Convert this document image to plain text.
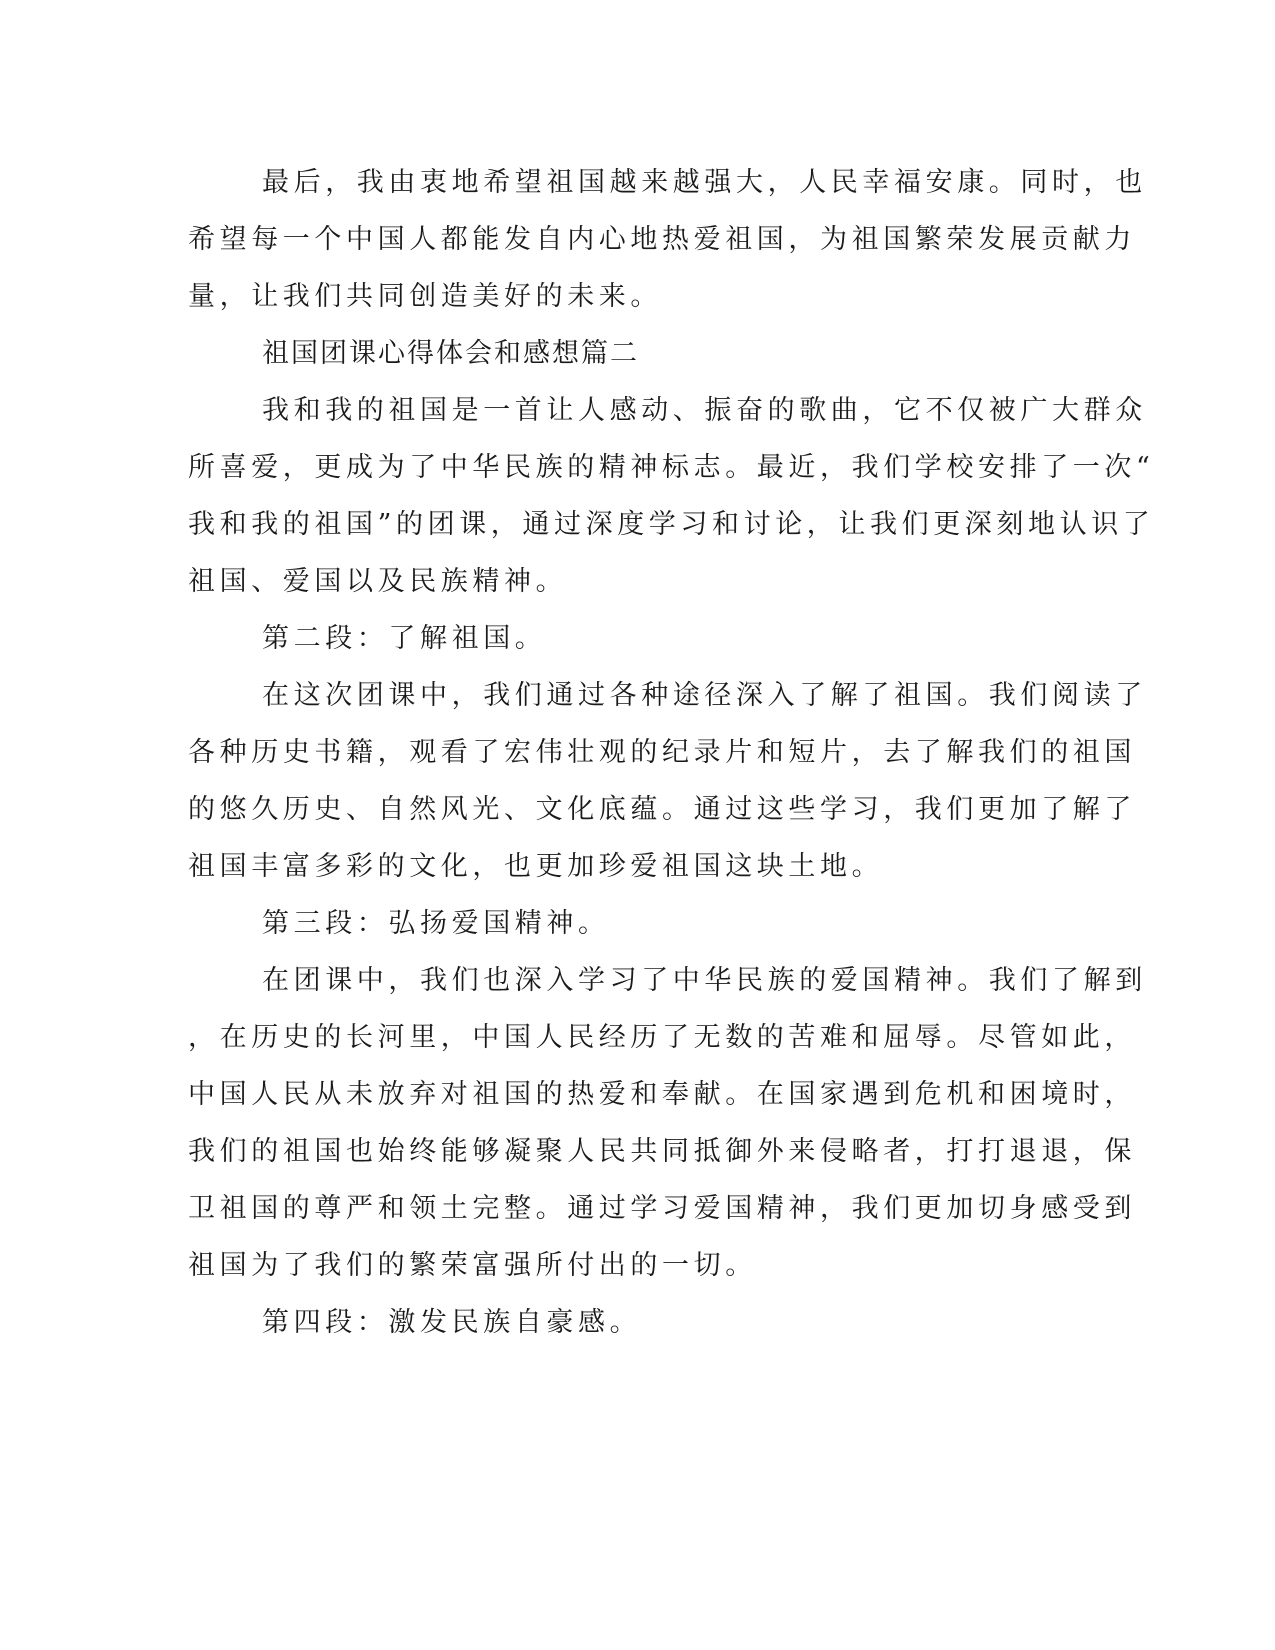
最后，我由衷地希望祖国越来越强大，人民幸福安康。同时，也

希望每一个中国人都能发自内心地热爱祖国，为祖国繁荣发展贡献力

量，让我们共同创造美好的未来。

祖国团课心得体会和感想篇二

我和我的祖国是一首让人感动、振奋的歌曲，它不仅被广大群众

所喜爱，更成为了中华民族的精神标志。最近，我们学校安排了一次“

我和我的祖国”的团课，通过深度学习和讨论，让我们更深刻地认识了

祖国、爱国以及民族精神。

第二段：了解祖国。

在这次团课中，我们通过各种途径深入了解了祖国。我们阅读了

各种历史书籍，观看了宏伟壮观的纪录片和短片，去了解我们的祖国

的悠久历史、自然风光、文化底蕴。通过这些学习，我们更加了解了

祖国丰富多彩的文化，也更加珍爱祖国这块土地。

第三段：弘扬爱国精神。

在团课中，我们也深入学习了中华民族的爱国精神。我们了解到

，在历史的长河里，中国人民经历了无数的苦难和屈辱。尽管如此，

中国人民从未放弃对祖国的热爱和奉献。在国家遇到危机和困境时，

我们的祖国也始终能够凝聚人民共同抵御外来侵略者，打打退退，保

卫祖国的尊严和领土完整。通过学习爱国精神，我们更加切身感受到

祖国为了我们的繁荣富强所付出的一切。

第四段：激发民族自豪感。
